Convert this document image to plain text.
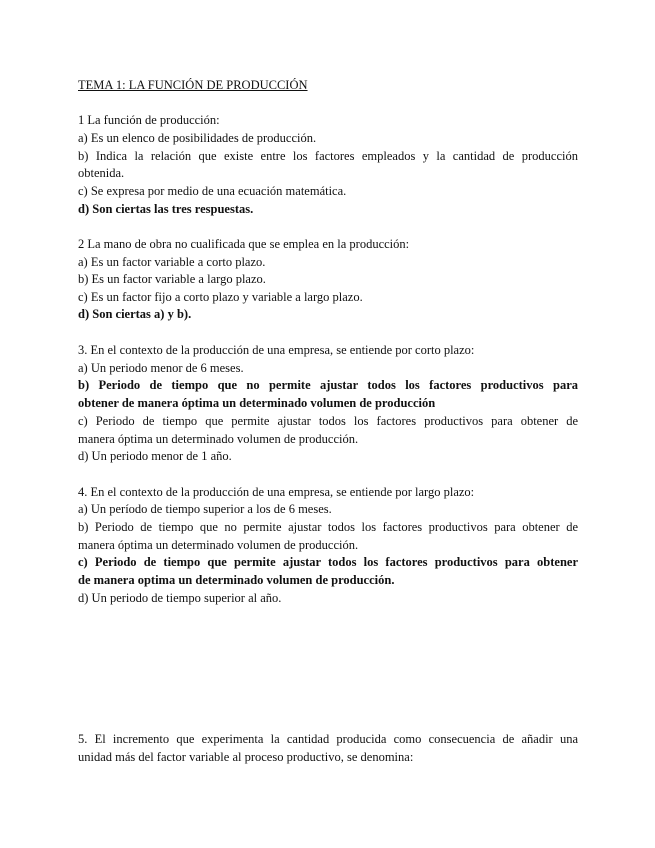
TEMA 1: LA FUNCIÓN DE PRODUCCIÓN

1 La función de producción:

a) Es un elenco de posibilidades de producción.

b) Indica la relación que existe entre los factores empleados y la cantidad de producción

obtenida.

c) Se expresa por medio de una ecuación matemática.

d) Son ciertas las tres respuestas.

2 La mano de obra no cualificada que se emplea en la producción:

a) Es un factor variable a corto plazo.

b) Es un factor variable a largo plazo.

c) Es un factor fijo a corto plazo y variable a largo plazo.

d) Son ciertas a) y b).

3. En el contexto de la producción de una empresa, se entiende por corto plazo:

a) Un periodo menor de 6 meses.

b) Periodo de tiempo que no permite ajustar todos los factores productivos para

obtener de manera óptima un determinado volumen de producción

c) Periodo de tiempo que permite ajustar todos los factores productivos para obtener de

manera óptima un determinado volumen de producción.

d) Un periodo menor de 1 año.

4. En el contexto de la producción de una empresa, se entiende por largo plazo:

a) Un período de tiempo superior a los de 6 meses.

b) Periodo de tiempo que no permite ajustar todos los factores productivos para obtener de

manera óptima un determinado volumen de producción.

c) Periodo de tiempo que permite ajustar todos los factores productivos para obtener

de manera optima un determinado volumen de producción.

d) Un periodo de tiempo superior al año.

5. El incremento que experimenta la cantidad producida como consecuencia de añadir una

unidad más del factor variable al proceso productivo, se denomina:
